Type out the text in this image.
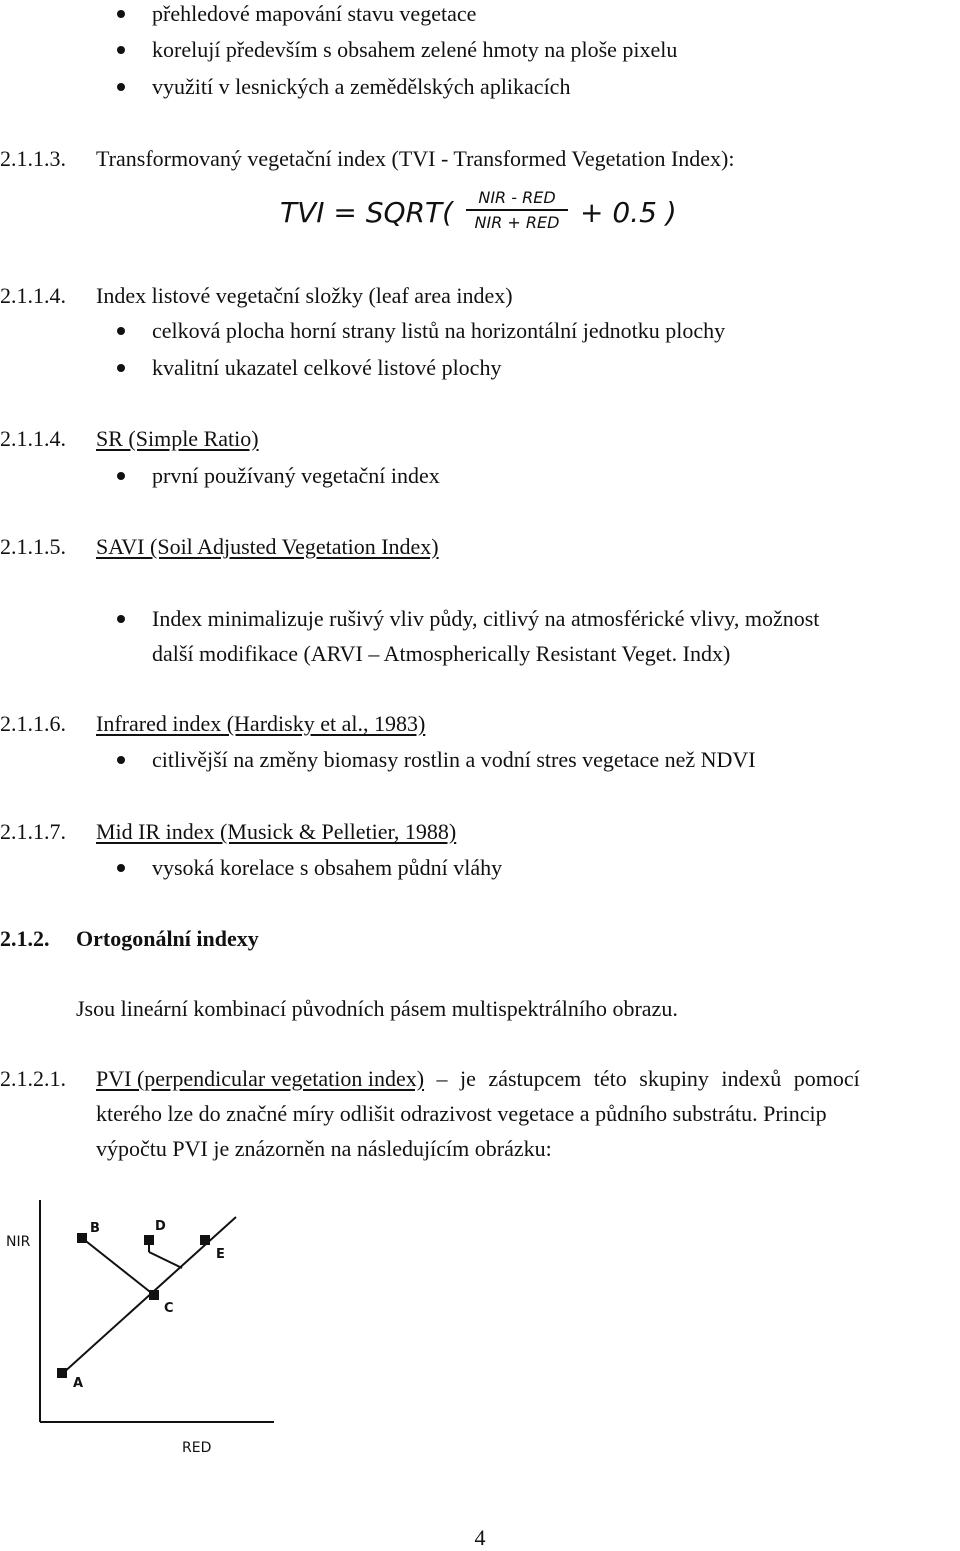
přehledové mapování stavu vegetace
korelují především s obsahem zelené hmoty na ploše pixelu
využití v lesnických a zemědělských aplikacích
2.1.1.3. Transformovaný vegetační index (TVI - Transformed Vegetation Index):
TVI = SQRT(	NIR - RED
NIR + RED + 0.5 )
2.1.1.4. Index listové vegetační složky (leaf area index)
celková plocha horní strany listů na horizontální jednotku plochy
kvalitní ukazatel celkové listové plochy
2.1.1.4. SR (Simple Ratio)
první používaný vegetační index
2.1.1.5. SAVI (Soil Adjusted Vegetation Index)
Index minimalizuje rušivý vliv půdy, citlivý na atmosférické vlivy, možnost
další modifikace (ARVI – Atmospherically Resistant Veget. Indx)
2.1.1.6. Infrared index (Hardisky et al., 1983)
citlivější na změny biomasy rostlin a vodní stres vegetace než NDVI
2.1.1.7. Mid IR index (Musick & Pelletier, 1988)
vysoká korelace s obsahem půdní vláhy
2.1.2. Ortogonální indexy
Jsou lineární kombinací původních pásem multispektrálního obrazu.
2.1.2.1. PVI (perpendicular vegetation index) – je zástupcem této skupiny indexů pomocí
kterého lze do značné míry odlišit odrazivost vegetace a půdního substrátu. Princip
výpočtu PVI je znázorněn na následujícím obrázku:
NIR
RED
A
B
C
D
E
4
